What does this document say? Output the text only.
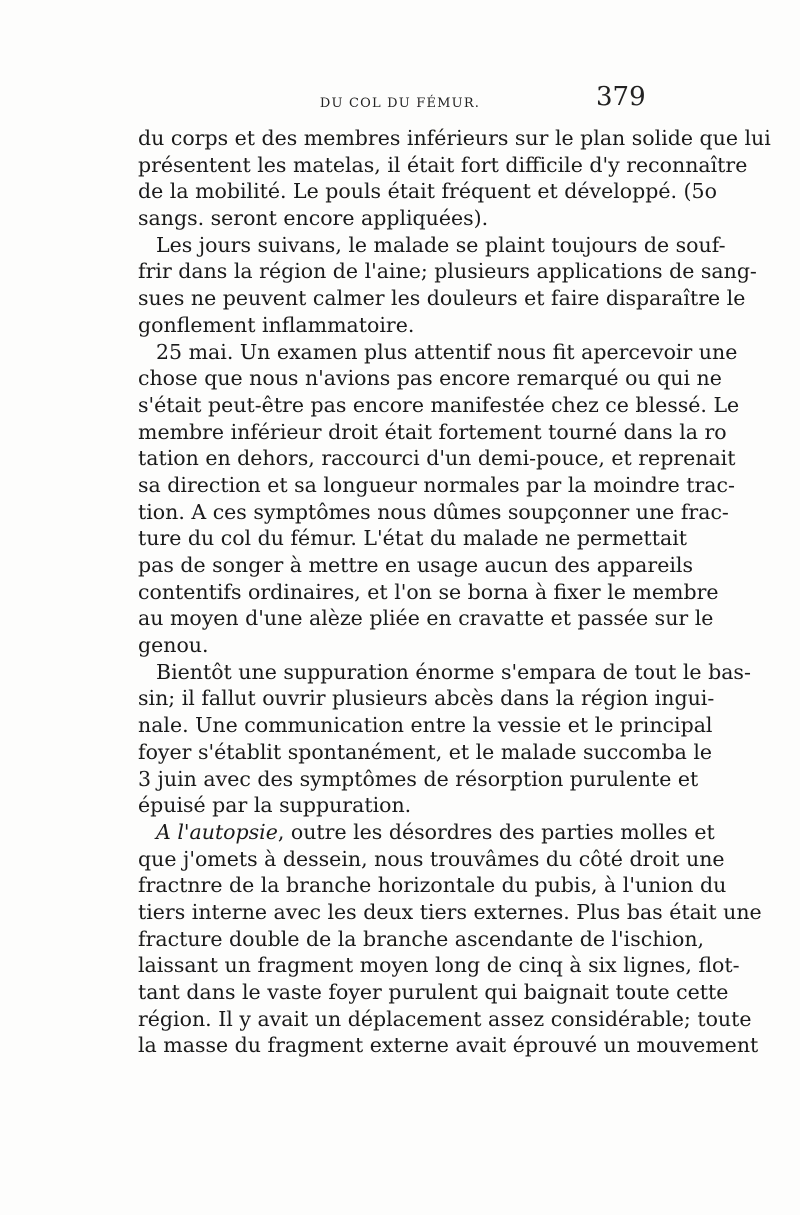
DU COL DU FÉMUR.	379
du corps et des membres inférieurs sur le plan solide que lui
présentent les matelas, il était fort difficile d'y reconnaître
de la mobilité. Le pouls était fréquent et développé. (5o
sangs. seront encore appliquées).
Les jours suivans, le malade se plaint toujours de souf-
frir dans la région de l'aine; plusieurs applications de sang-
sues ne peuvent calmer les douleurs et faire disparaître le
gonflement inflammatoire.
25 mai. Un examen plus attentif nous fit apercevoir une
chose que nous n'avions pas encore remarqué ou qui ne
s'était peut-être pas encore manifestée chez ce blessé. Le
membre inférieur droit était fortement tourné dans la ro
tation en dehors, raccourci d'un demi-pouce, et reprenait
sa direction et sa longueur normales par la moindre trac-
tion. A ces symptômes nous dûmes soupçonner une frac-
ture du col du fémur. L'état du malade ne permettait
pas de songer à mettre en usage aucun des appareils
contentifs ordinaires, et l'on se borna à fixer le membre
au moyen d'une alèze pliée en cravatte et passée sur le
genou.
Bientôt une suppuration énorme s'empara de tout le bas-
sin; il fallut ouvrir plusieurs abcès dans la région ingui-
nale. Une communication entre la vessie et le principal
foyer s'établit spontanément, et le malade succomba le
3 juin avec des symptômes de résorption purulente et
épuisé par la suppuration.
A l'autopsie, outre les désordres des parties molles et
que j'omets à dessein, nous trouvâmes du côté droit une
fractnre de la branche horizontale du pubis, à l'union du
tiers interne avec les deux tiers externes. Plus bas était une
fracture double de la branche ascendante de l'ischion,
laissant un fragment moyen long de cinq à six lignes, flot-
tant dans le vaste foyer purulent qui baignait toute cette
région. Il y avait un déplacement assez considérable; toute
la masse du fragment externe avait éprouvé un mouvement
